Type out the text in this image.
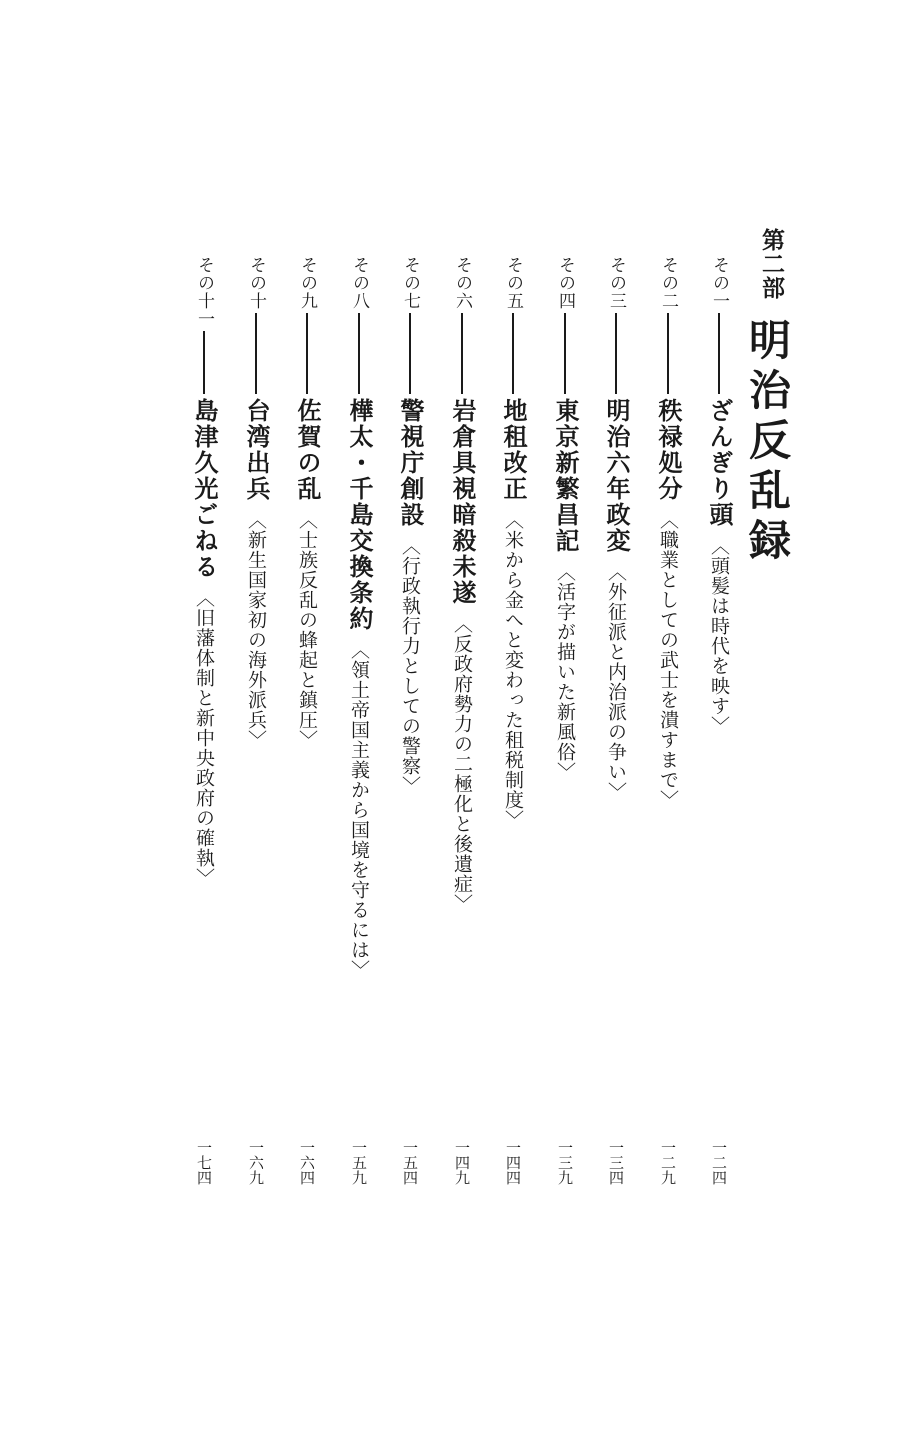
第二部
明治反乱録
その一
ざんぎり頭
〈頭髪は時代を映す〉
その二
秩禄処分
〈職業としての武士を潰すまで〉
その三
明治六年政変
〈外征派と内治派の争い〉
その四
東京新繁昌記
〈活字が描いた新風俗〉
その五
地租改正
〈米から金へと変わった租税制度〉
その六
岩倉具視暗殺未遂
〈反政府勢力の二極化と後遺症〉
その七
警視庁創設
〈行政執行力としての警察〉
その八
樺太・千島交換条約
〈領土帝国主義から国境を守るには〉
その九
佐賀の乱
〈士族反乱の蜂起と鎮圧〉
その十
台湾出兵
〈新生国家初の海外派兵〉
その十一
島津久光ごねる
〈旧藩体制と新中央政府の確執〉
一二四
一二九
一三四
一三九
一四四
一四九
一五四
一五九
一六四
一六九
一七四
